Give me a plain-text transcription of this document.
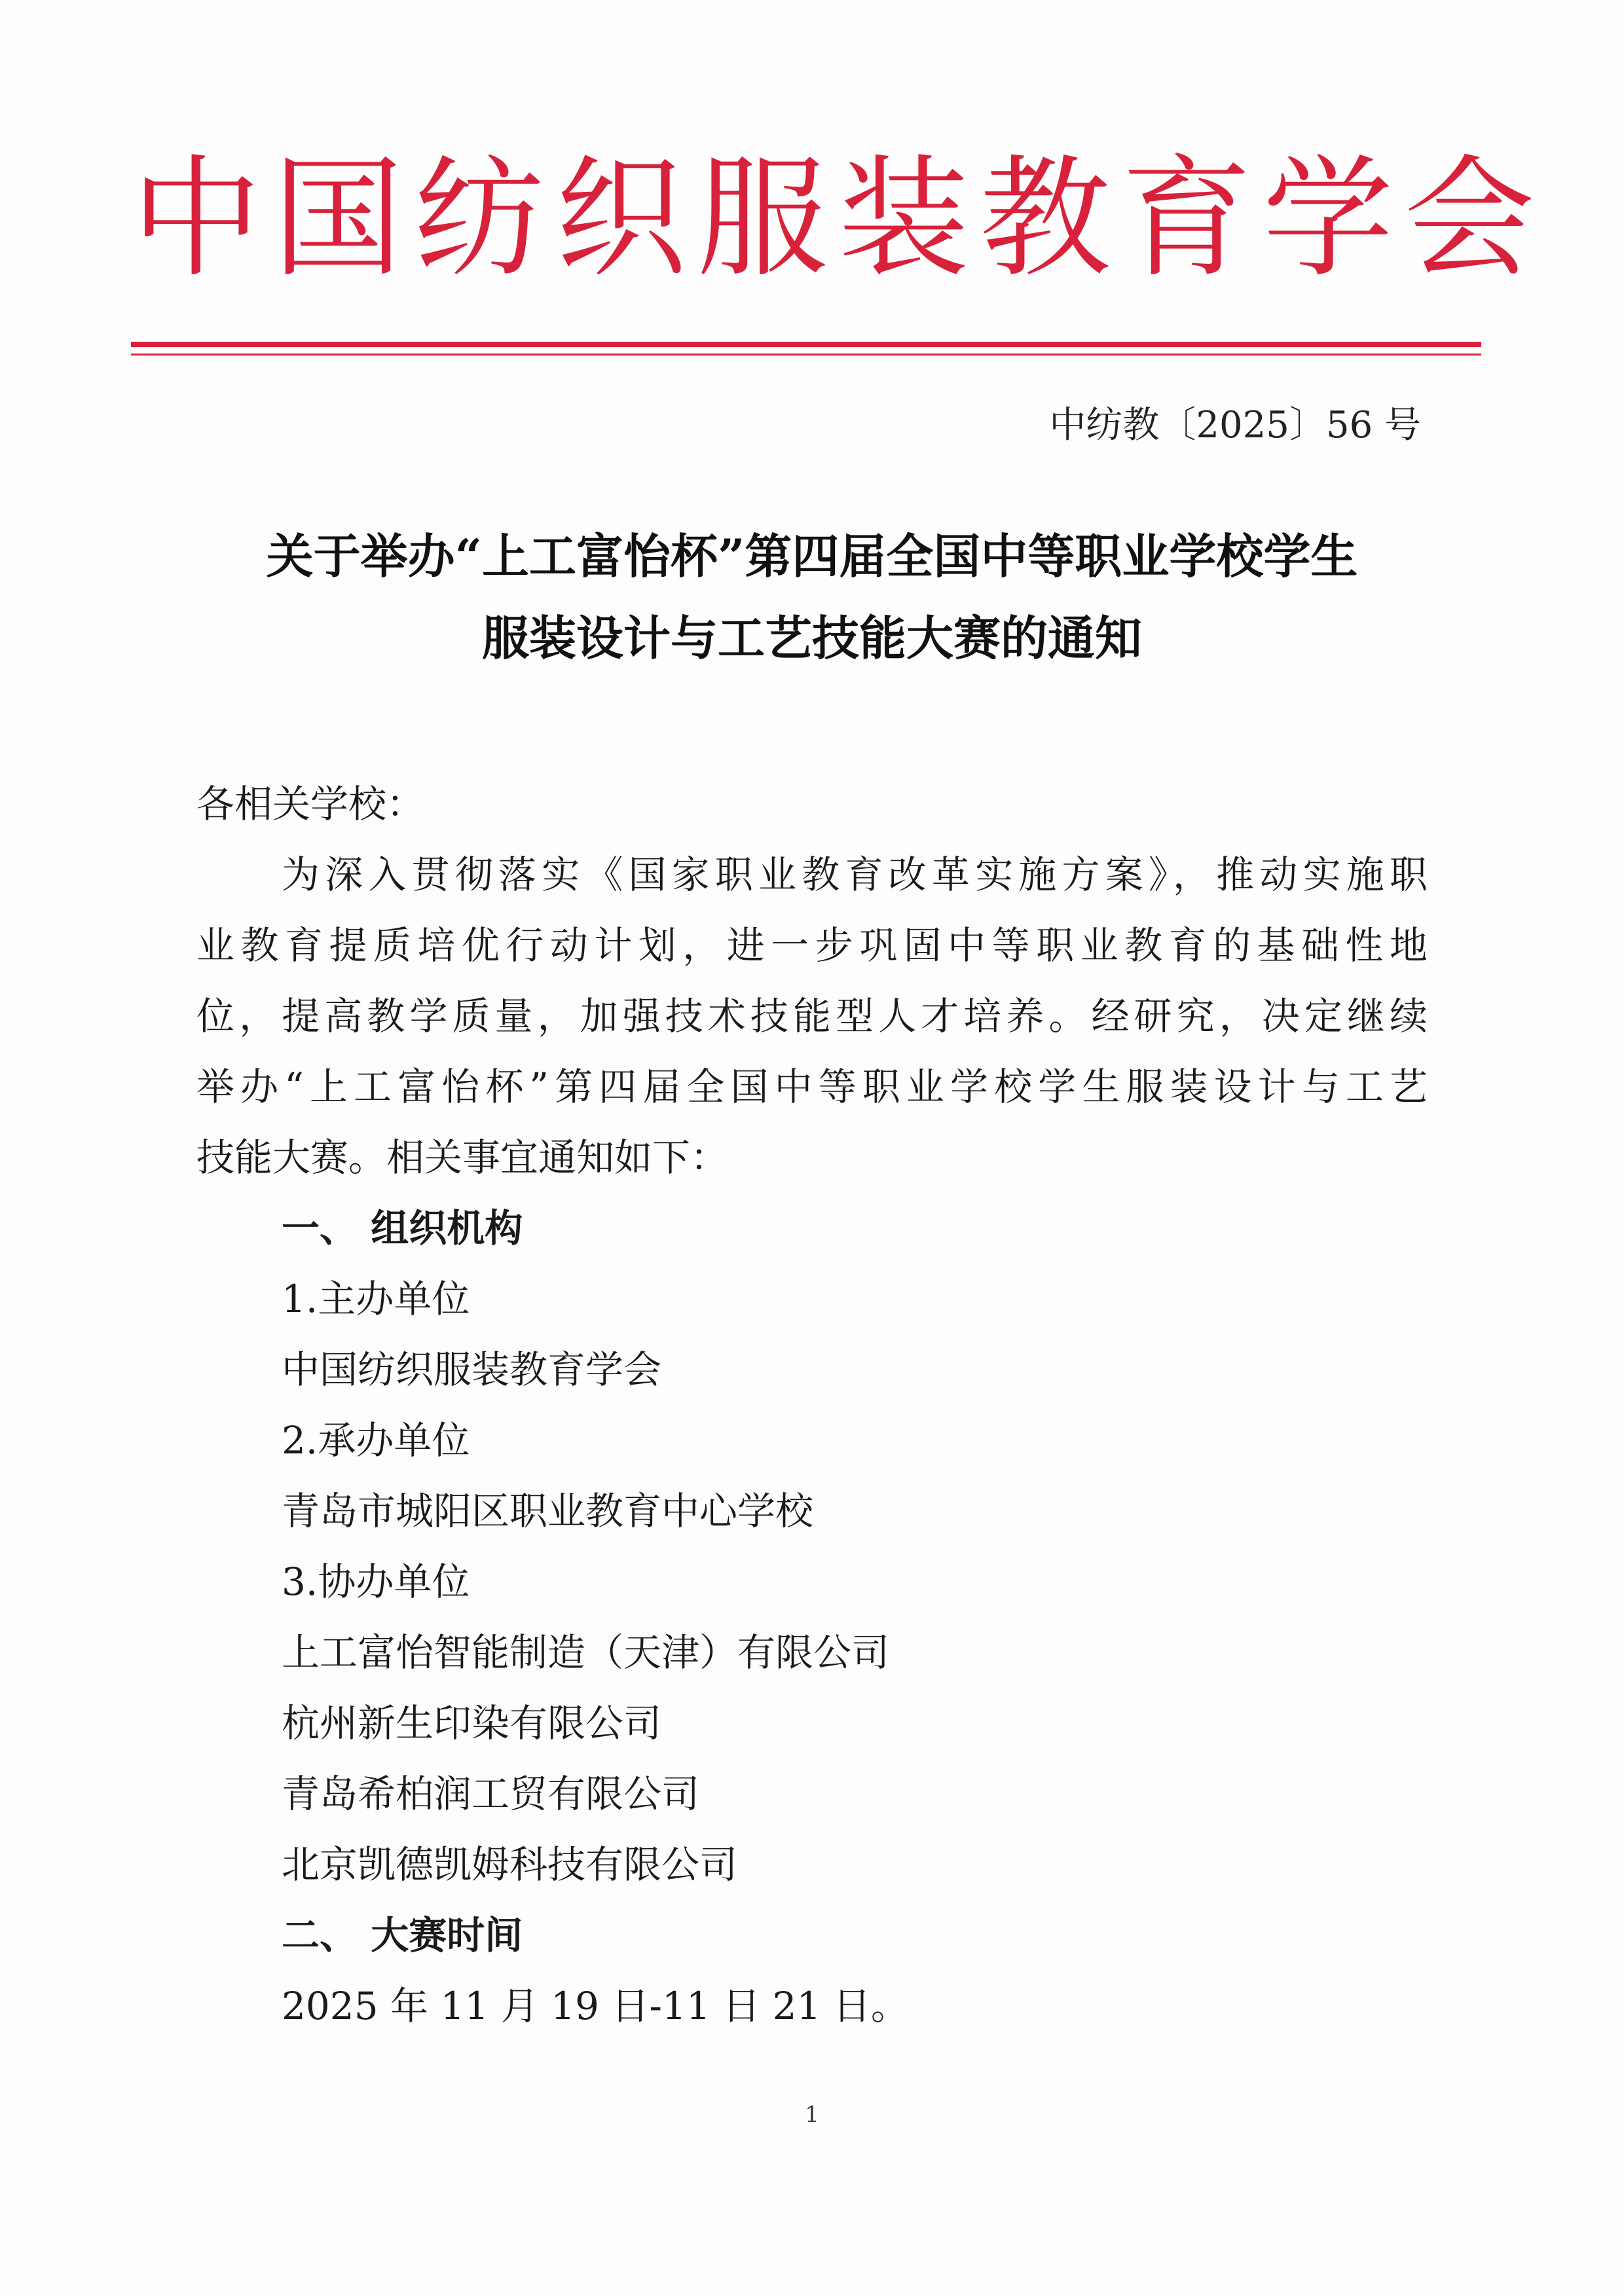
中国纺织服装教育学会
中纺教〔2025〕56 号
关于举办“上工富怡杯”第四届全国中等职业学校学生
服装设计与工艺技能大赛的通知
各相关学校：
为深入贯彻落实《国家职业教育改革实施方案》，推动实施职
业教育提质培优行动计划，进一步巩固中等职业教育的基础性地
位，提高教学质量，加强技术技能型人才培养。经研究，决定继续
举办“上工富怡杯”第四届全国中等职业学校学生服装设计与工艺
技能大赛。相关事宜通知如下：
一、 组织机构
1.主办单位
中国纺织服装教育学会
2.承办单位
青岛市城阳区职业教育中心学校
3.协办单位
上工富怡智能制造（天津）有限公司
杭州新生印染有限公司
青岛希柏润工贸有限公司
北京凯德凯姆科技有限公司
二、 大赛时间
2025 年 11 月 19 日-11 日 21 日。
1
